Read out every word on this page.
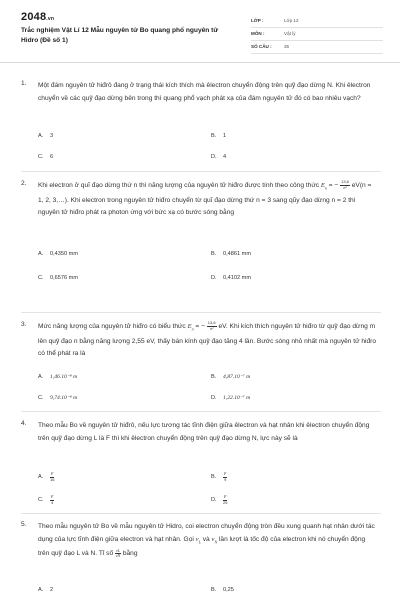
2048.vn
Trắc nghiệm Vật Lí 12 Mẫu nguyên tử Bo quang phổ nguyên tử Hidro (Đề số 1)
LỚP :	Lớp 12
MÔN :	Vật lý
SỐ CÂU :	35
1. Một đám nguyên tử hiđrô đang ở trạng thái kích thích mà êlectron chuyển động trên quỹ đạo dừng N. Khi êlectron chuyển về các quỹ đạo dừng bên trong thì quang phổ vạch phát xạ của đám nguyên tử đó có bao nhiêu vạch?
A. 3	B. 1
C. 6	D. 4
2. Khi electron ở quĩ đạo dừng thứ n thì năng lượng của nguyên tử hiđro được tính theo công thức $E_n$ = − $\frac{13,6}{\text{n²}} eV(n = 1$, 2, 3,…). Khi electron trong nguyên tử hiđro chuyển từ quĩ đạo dừng thứ n = 3 sang qũy đạo dừng n = 2 thì nguyên tử hiđro phát ra photon ứng với bức xạ có bước sóng bằng
A. 0,4350 mm	B. 0,4861 mm
C. 0,6576 mm	D. 0,4102 mm
3. Mức năng lượng của nguyên tử hiđro có biểu thức $E_n$ = − $\frac{13,6}{\text{n²}}$ eV. Khi kích thích nguyên tử hiđro từ quỹ đạo dừng m lên quỹ đạo n bằng năng lượng 2,55 eV, thấy bán kính quỹ đạo tăng 4 lần. Bước sóng nhỏ nhất mà nguyên tử hiđro có thể phát ra là
A. 1,46.10⁻⁸ m	B. 4,87.10⁻⁷ m
C. 9,74.10⁻⁸ m	D. 1,22.10⁻⁷ m
4. Theo mẫu Bo về nguyên tử hiđrô, nếu lực tương tác tĩnh điện giữa êlectron và hạt nhân khi êlectron chuyển động trên quỹ đạo dừng L là F thì khi êlectron chuyển động trên quỹ đạo dừng N, lực này sẽ là
A. $\frac{F}{16}$	B. $\frac{F}{9}$
C. $\frac{F}{4}$	D. $\frac{F}{25}$
5. Theo mẫu nguyên tử Bo về mẫu nguyên tử Hidro, coi electron chuyển động tròn đều xung quanh hạt nhân dưới tác dụng của lực tĩnh điện giữa electron và hạt nhân. Gọi $v_L$ và $v_N$ lần lượt là tốc độ của electron khi nó chuyển động trên quỹ đạo L và N. Tỉ số $\frac{vL}{vN}$ bằng
A. 2	B. 0,25
